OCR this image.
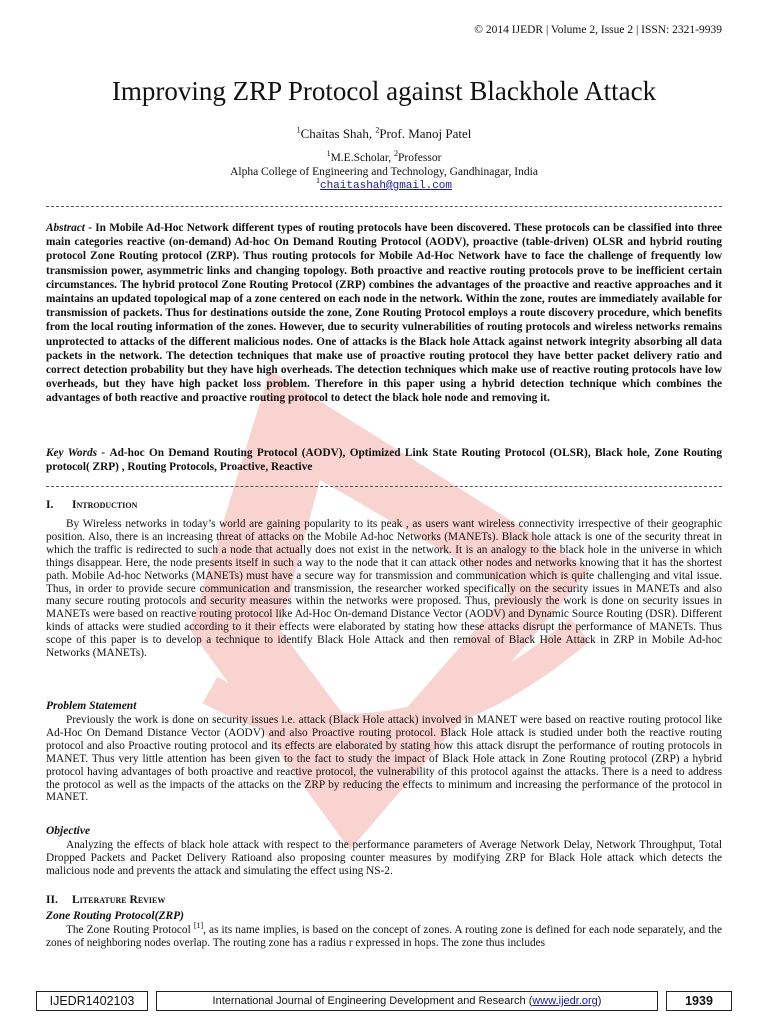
© 2014 IJEDR | Volume 2, Issue 2 | ISSN: 2321-9939
Improving ZRP Protocol against Blackhole Attack
$^1$Chaitas Shah, $^2$Prof. Manoj Patel
$^1$M.E.Scholar, $^2$Professor
Alpha College of Engineering and Technology, Gandhinagar, India
$^1$chaitashah@gmail.com

Abstract - In Mobile Ad-Hoc Network different types of routing protocols have been discovered. These protocols can be classified into three main categories reactive (on-demand) Ad-hoc On Demand Routing Protocol (AODV), proactive (table-driven) OLSR and hybrid routing protocol Zone Routing protocol (ZRP). Thus routing protocols for Mobile Ad-Hoc Network have to face the challenge of frequently low transmission power, asymmetric links and changing topology. Both proactive and reactive routing protocols prove to be inefficient certain circumstances. The hybrid protocol Zone Routing Protocol (ZRP) combines the advantages of the proactive and reactive approaches and it maintains an updated topological map of a zone centered on each node in the network. Within the zone, routes are immediately available for transmission of packets. Thus for destinations outside the zone, Zone Routing Protocol employs a route discovery procedure, which benefits from the local routing information of the zones. However, due to security vulnerabilities of routing protocols and wireless networks remains unprotected to attacks of the different malicious nodes. One of attacks is the Black hole Attack against network integrity absorbing all data packets in the network. The detection techniques that make use of proactive routing protocol they have better packet delivery ratio and correct detection probability but they have high overheads. The detection techniques which make use of reactive routing protocols have low overheads, but they have high packet loss problem. Therefore in this paper using a hybrid detection technique which combines the advantages of both reactive and proactive routing protocol to detect the black hole node and removing it.

Key Words - Ad-hoc On Demand Routing Protocol (AODV), Optimized Link State Routing Protocol (OLSR), Black hole, Zone Routing protocol( ZRP) , Routing Protocols, Proactive, Reactive

I. Introduction

By Wireless networks in today’s world are gaining popularity to its peak , as users want wireless connectivity irrespective of their geographic position. Also, there is an increasing threat of attacks on the Mobile Ad-hoc Networks (MANETs). Black hole attack is one of the security threat in which the traffic is redirected to such a node that actually does not exist in the network. It is an analogy to the black hole in the universe in which things disappear. Here, the node presents itself in such a way to the node that it can attack other nodes and networks knowing that it has the shortest path. Mobile Ad-hoc Networks (MANETs) must have a secure way for transmission and communication which is quite challenging and vital issue. Thus, in order to provide secure communication and transmission, the researcher worked specifically on the security issues in MANETs and also many secure routing protocols and security measures within the networks were proposed. Thus, previously the work is done on security issues in MANETs were based on reactive routing protocol like Ad-Hoc On-demand Distance Vector (AODV) and Dynamic Source Routing (DSR). Different kinds of attacks were studied according to it their effects were elaborated by stating how these attacks disrupt the performance of MANETs. Thus scope of this paper is to develop a technique to identify Black Hole Attack and then removal of Black Hole Attack in ZRP in Mobile Ad-hoc Networks (MANETs).

Problem Statement

Previously the work is done on security issues i.e. attack (Black Hole attack) involved in MANET were based on reactive routing protocol like Ad-Hoc On Demand Distance Vector (AODV) and also Proactive routing protocol. Black Hole attack is studied under both the reactive routing protocol and also Proactive routing protocol and its effects are elaborated by stating how this attack disrupt the performance of routing protocols in MANET. Thus very little attention has been given to the fact to study the impact of Black Hole attack in Zone Routing protocol (ZRP) a hybrid protocol having advantages of both proactive and reactive protocol, the vulnerability of this protocol against the attacks. There is a need to address the protocol as well as the impacts of the attacks on the ZRP by reducing the effects to minimum and increasing the performance of the protocol in MANET.

Objective

Analyzing the effects of black hole attack with respect to the performance parameters of Average Network Delay, Network Throughput, Total Dropped Packets and Packet Delivery Ratioand also proposing counter measures by modifying ZRP for Black Hole attack which detects the malicious node and prevents the attack and simulating the effect using NS-2.

II. Literature Review
Zone Routing Protocol(ZRP)

The Zone Routing Protocol [1], as its name implies, is based on the concept of zones. A routing zone is defined for each node separately, and the zones of neighboring nodes overlap. The routing zone has a radius r expressed in hops. The zone thus includes

IJEDR1402103	International Journal of Engineering Development and Research ( www.ijedr.org )	1939
